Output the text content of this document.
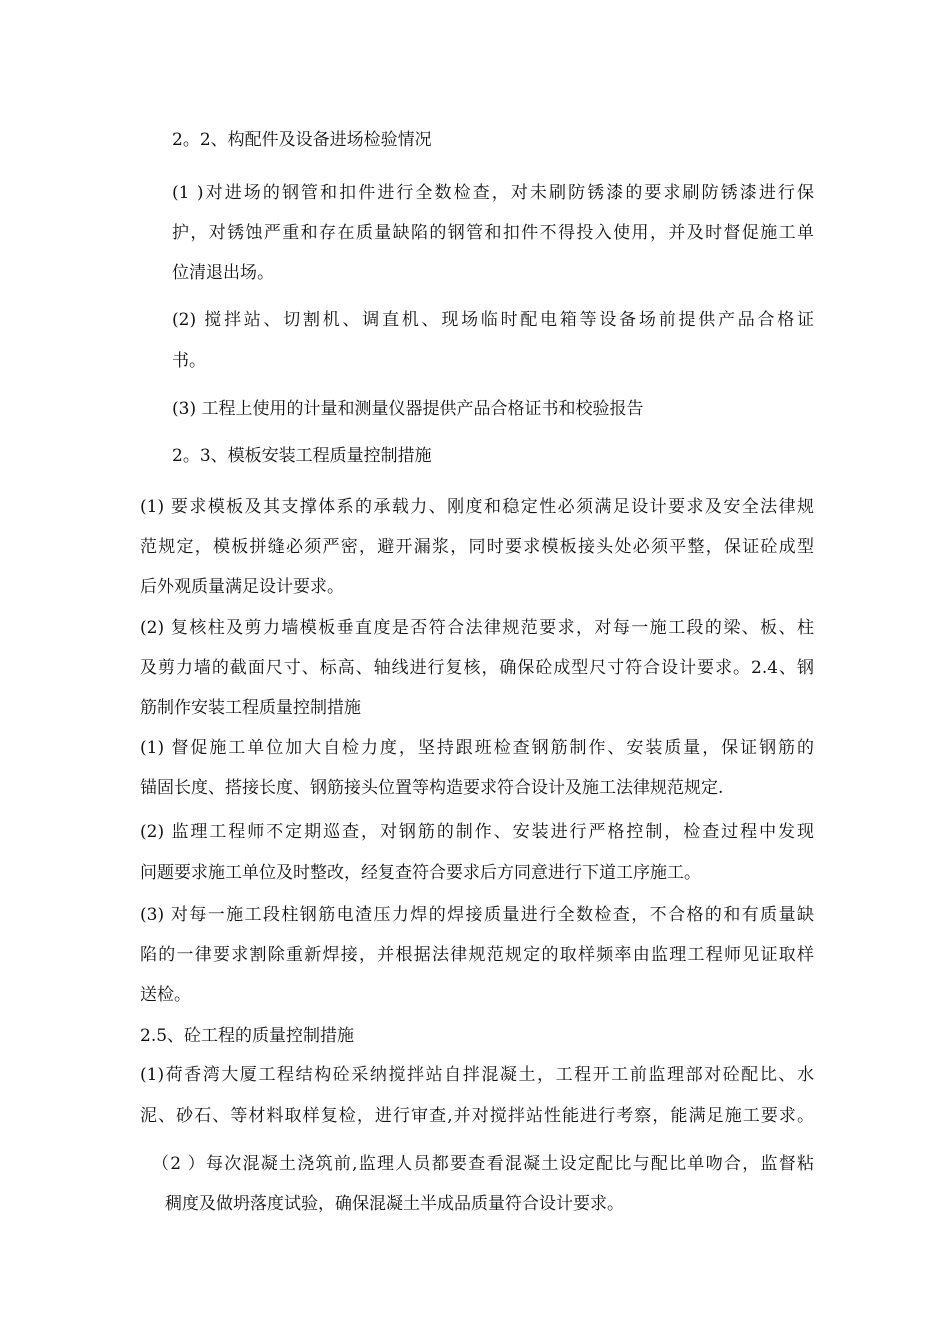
2。2、构配件及设备进场检验情况
(1 )对进场的钢管和扣件进行全数检查，对未刷防锈漆的要求刷防锈漆进行保
护，对锈蚀严重和存在质量缺陷的钢管和扣件不得投入使用，并及时督促施工单
位清退出场。
(2) 搅拌站、切割机、调直机、现场临时配电箱等设备场前提供产品合格证
书。
(3) 工程上使用的计量和测量仪器提供产品合格证书和校验报告
2。3、模板安装工程质量控制措施
(1) 要求模板及其支撑体系的承载力、刚度和稳定性必须满足设计要求及安全法律规
范规定，模板拼缝必须严密，避开漏浆，同时要求模板接头处必须平整，保证砼成型
后外观质量满足设计要求。
(2) 复核柱及剪力墙模板垂直度是否符合法律规范要求，对每一施工段的梁、板、柱
及剪力墙的截面尺寸、标高、轴线进行复核，确保砼成型尺寸符合设计要求。2.4、钢
筋制作安装工程质量控制措施
(1) 督促施工单位加大自检力度，坚持跟班检查钢筋制作、安装质量，保证钢筋的
锚固长度、搭接长度、钢筋接头位置等构造要求符合设计及施工法律规范规定.
(2) 监理工程师不定期巡查，对钢筋的制作、安装进行严格控制，检查过程中发现
问题要求施工单位及时整改，经复查符合要求后方同意进行下道工序施工。
(3) 对每一施工段柱钢筋电渣压力焊的焊接质量进行全数检查，不合格的和有质量缺
陷的一律要求割除重新焊接，并根据法律规范规定的取样频率由监理工程师见证取样
送检。
2.5、砼工程的质量控制措施
(1)荷香湾大厦工程结构砼采纳搅拌站自拌混凝土，工程开工前监理部对砼配比、水
泥、砂石、等材料取样复检，进行审查,并对搅拌站性能进行考察，能满足施工要求。
（2 ）每次混凝土浇筑前,监理人员都要查看混凝土设定配比与配比单吻合，监督粘
稠度及做坍落度试验，确保混凝土半成品质量符合设计要求。
